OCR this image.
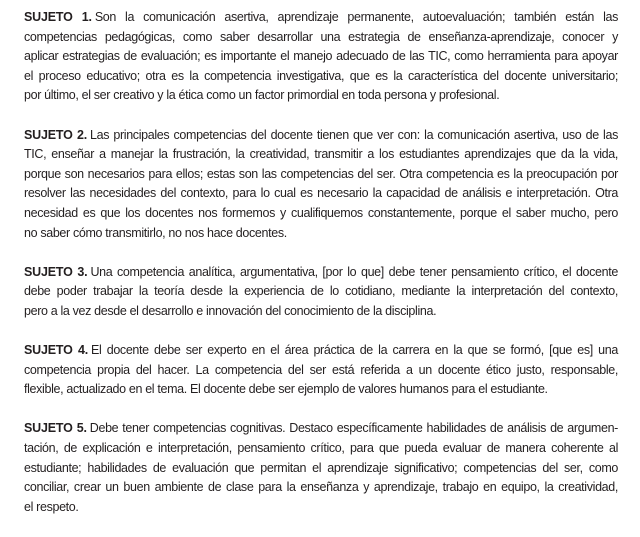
SUJETO 1. Son la comunicación asertiva, aprendizaje permanente, autoevaluación; también están las
competencias pedagógicas, como saber desarrollar una estrategia de enseñanza-aprendizaje, conocer y
aplicar estrategias de evaluación; es importante el manejo adecuado de las TIC, como herramienta para apoyar
el proceso educativo; otra es la competencia investigativa, que es la característica del docente universitario;
por último, el ser creativo y la ética como un factor primordial en toda persona y profesional.
SUJETO 2. Las principales competencias del docente tienen que ver con: la comunicación asertiva, uso de las
TIC, enseñar a manejar la frustración, la creatividad, transmitir a los estudiantes aprendizajes que da la vida,
porque son necesarios para ellos; estas son las competencias del ser. Otra competencia es la preocupación por
resolver las necesidades del contexto, para lo cual es necesario la capacidad de análisis e interpretación. Otra
necesidad es que los docentes nos formemos y cualifiquemos constantemente, porque el saber mucho, pero
no saber cómo transmitirlo, no nos hace docentes.
SUJETO 3. Una competencia analítica, argumentativa, [por lo que] debe tener pensamiento crítico, el docente
debe poder trabajar la teoría desde la experiencia de lo cotidiano, mediante la interpretación del contexto,
pero a la vez desde el desarrollo e innovación del conocimiento de la disciplina.
SUJETO 4. El docente debe ser experto en el área práctica de la carrera en la que se formó, [que es] una
competencia propia del hacer. La competencia del ser está referida a un docente ético justo, responsable,
flexible, actualizado en el tema. El docente debe ser ejemplo de valores humanos para el estudiante.
SUJETO 5. Debe tener competencias cognitivas. Destaco específicamente habilidades de análisis de argumen-
tación, de explicación e interpretación, pensamiento crítico, para que pueda evaluar de manera coherente al
estudiante; habilidades de evaluación que permitan el aprendizaje significativo; competencias del ser, como
conciliar, crear un buen ambiente de clase para la enseñanza y aprendizaje, trabajo en equipo, la creatividad,
el respeto.
